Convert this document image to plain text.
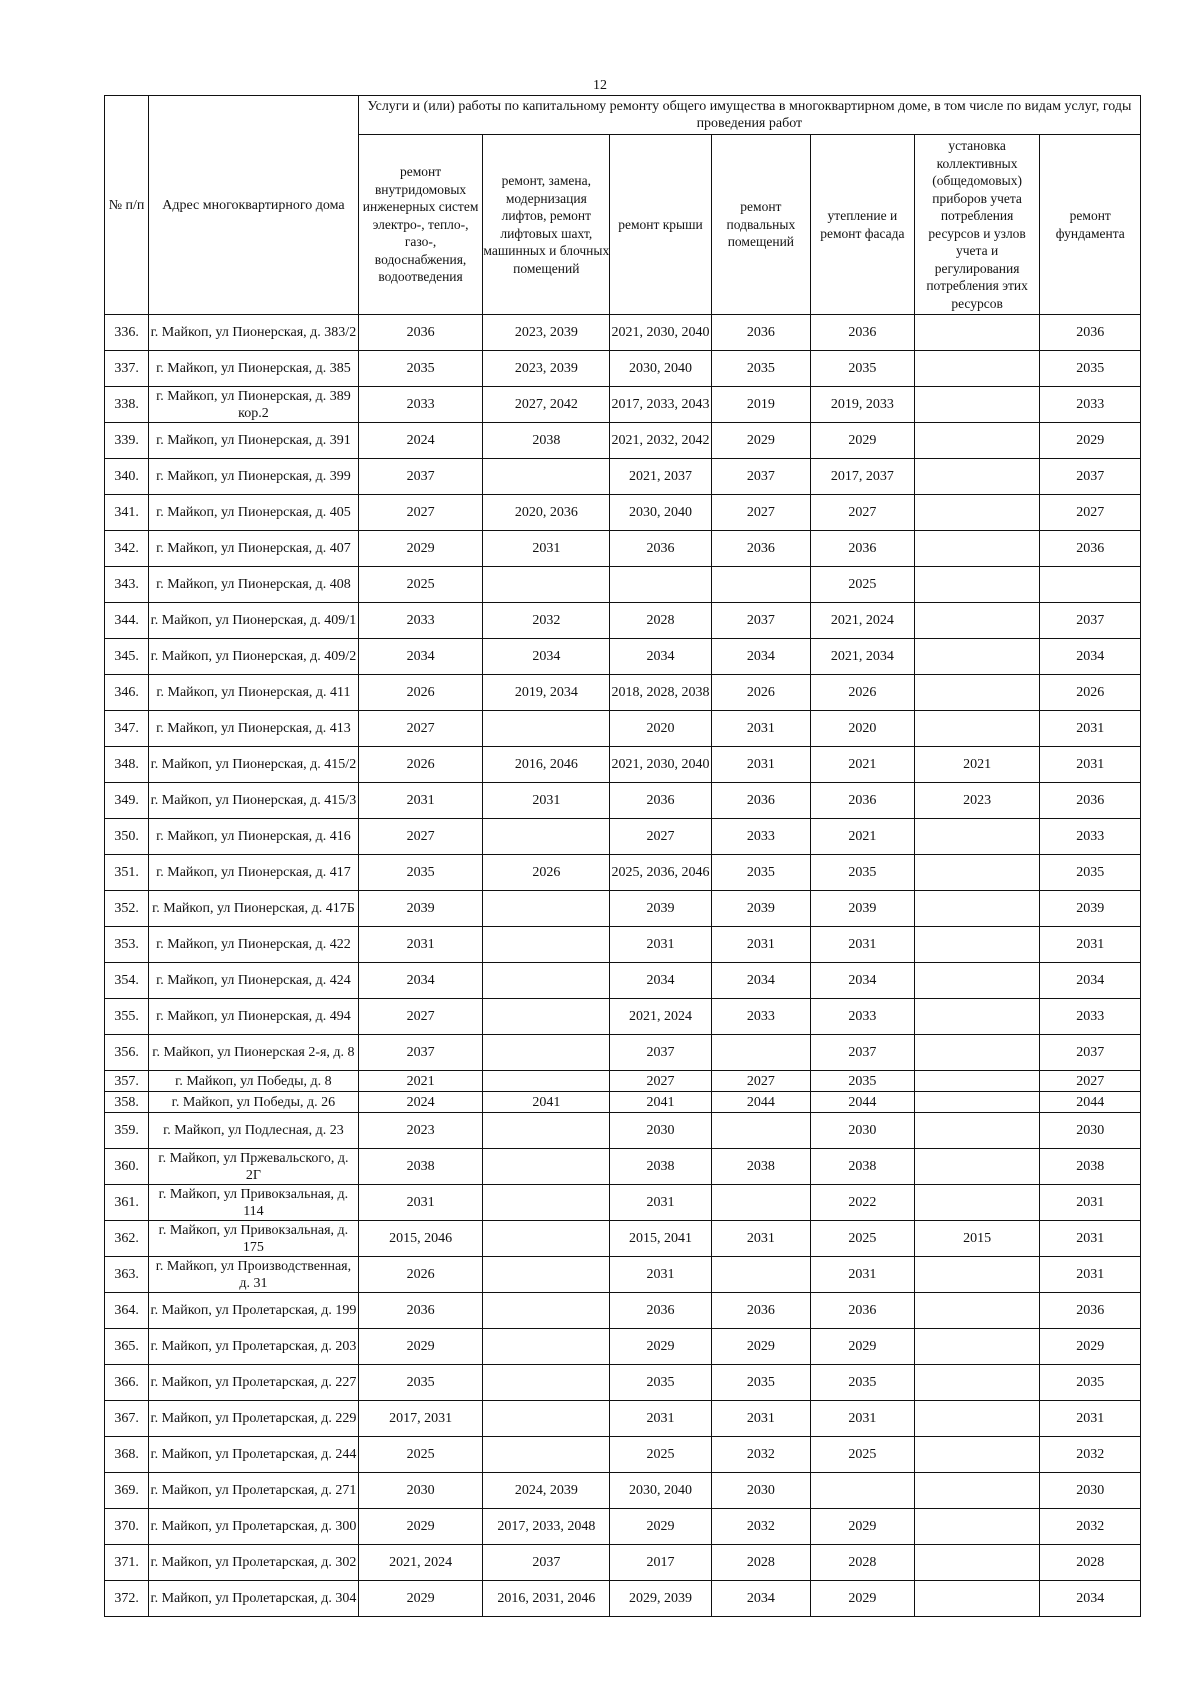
12
№ п/п	Адрес многоквартирного дома	Услуги и (или) работы по капитальному ремонту общего имущества в многоквартирном доме, в том числе по видам услуг, годы проведения работ						
		ремонт внутридомовых инженерных систем электро-, тепло-, газо-, водоснабжения, водоотведения	ремонт, замена, модернизация лифтов, ремонт лифтовых шахт, машинных и блочных помещений	ремонт крыши	ремонт подвальных помещений	утепление и ремонт фасада	установка коллективных (общедомовых) приборов учета потребления ресурсов и узлов учета и регулирования потребления этих ресурсов	ремонт фундамента
336.	г. Майкоп, ул Пионерская, д. 383/2	2036	2023, 2039	2021, 2030, 2040	2036	2036		2036
337.	г. Майкоп, ул Пионерская, д. 385	2035	2023, 2039	2030, 2040	2035	2035		2035
338.	г. Майкоп, ул Пионерская, д. 389 кор.2	2033	2027, 2042	2017, 2033, 2043	2019	2019, 2033		2033
339.	г. Майкоп, ул Пионерская, д. 391	2024	2038	2021, 2032, 2042	2029	2029		2029
340.	г. Майкоп, ул Пионерская, д. 399	2037		2021, 2037	2037	2017, 2037		2037
341.	г. Майкоп, ул Пионерская, д. 405	2027	2020, 2036	2030, 2040	2027	2027		2027
342.	г. Майкоп, ул Пионерская, д. 407	2029	2031	2036	2036	2036		2036
343.	г. Майкоп, ул Пионерская, д. 408	2025				2025		
344.	г. Майкоп, ул Пионерская, д. 409/1	2033	2032	2028	2037	2021, 2024		2037
345.	г. Майкоп, ул Пионерская, д. 409/2	2034	2034	2034	2034	2021, 2034		2034
346.	г. Майкоп, ул Пионерская, д. 411	2026	2019, 2034	2018, 2028, 2038	2026	2026		2026
347.	г. Майкоп, ул Пионерская, д. 413	2027		2020	2031	2020		2031
348.	г. Майкоп, ул Пионерская, д. 415/2	2026	2016, 2046	2021, 2030, 2040	2031	2021	2021	2031
349.	г. Майкоп, ул Пионерская, д. 415/3	2031	2031	2036	2036	2036	2023	2036
350.	г. Майкоп, ул Пионерская, д. 416	2027		2027	2033	2021		2033
351.	г. Майкоп, ул Пионерская, д. 417	2035	2026	2025, 2036, 2046	2035	2035		2035
352.	г. Майкоп, ул Пионерская, д. 417Б	2039		2039	2039	2039		2039
353.	г. Майкоп, ул Пионерская, д. 422	2031		2031	2031	2031		2031
354.	г. Майкоп, ул Пионерская, д. 424	2034		2034	2034	2034		2034
355.	г. Майкоп, ул Пионерская, д. 494	2027		2021, 2024	2033	2033		2033
356.	г. Майкоп, ул Пионерская 2-я, д. 8	2037		2037		2037		2037
357.	г. Майкоп, ул Победы, д. 8	2021		2027	2027	2035		2027
358.	г. Майкоп, ул Победы, д. 26	2024	2041	2041	2044	2044		2044
359.	г. Майкоп, ул Подлесная, д. 23	2023		2030		2030		2030
360.	г. Майкоп, ул Пржевальского, д. 2Г	2038		2038	2038	2038		2038
361.	г. Майкоп, ул Привокзальная, д. 114	2031		2031		2022		2031
362.	г. Майкоп, ул Привокзальная, д. 175	2015, 2046		2015, 2041	2031	2025	2015	2031
363.	г. Майкоп, ул Производственная, д. 31	2026		2031		2031		2031
364.	г. Майкоп, ул Пролетарская, д. 199	2036		2036	2036	2036		2036
365.	г. Майкоп, ул Пролетарская, д. 203	2029		2029	2029	2029		2029
366.	г. Майкоп, ул Пролетарская, д. 227	2035		2035	2035	2035		2035
367.	г. Майкоп, ул Пролетарская, д. 229	2017, 2031		2031	2031	2031		2031
368.	г. Майкоп, ул Пролетарская, д. 244	2025		2025	2032	2025		2032
369.	г. Майкоп, ул Пролетарская, д. 271	2030	2024, 2039	2030, 2040	2030			2030
370.	г. Майкоп, ул Пролетарская, д. 300	2029	2017, 2033, 2048	2029	2032	2029		2032
371.	г. Майкоп, ул Пролетарская, д. 302	2021, 2024	2037	2017	2028	2028		2028
372.	г. Майкоп, ул Пролетарская, д. 304	2029	2016, 2031, 2046	2029, 2039	2034	2029		2034
